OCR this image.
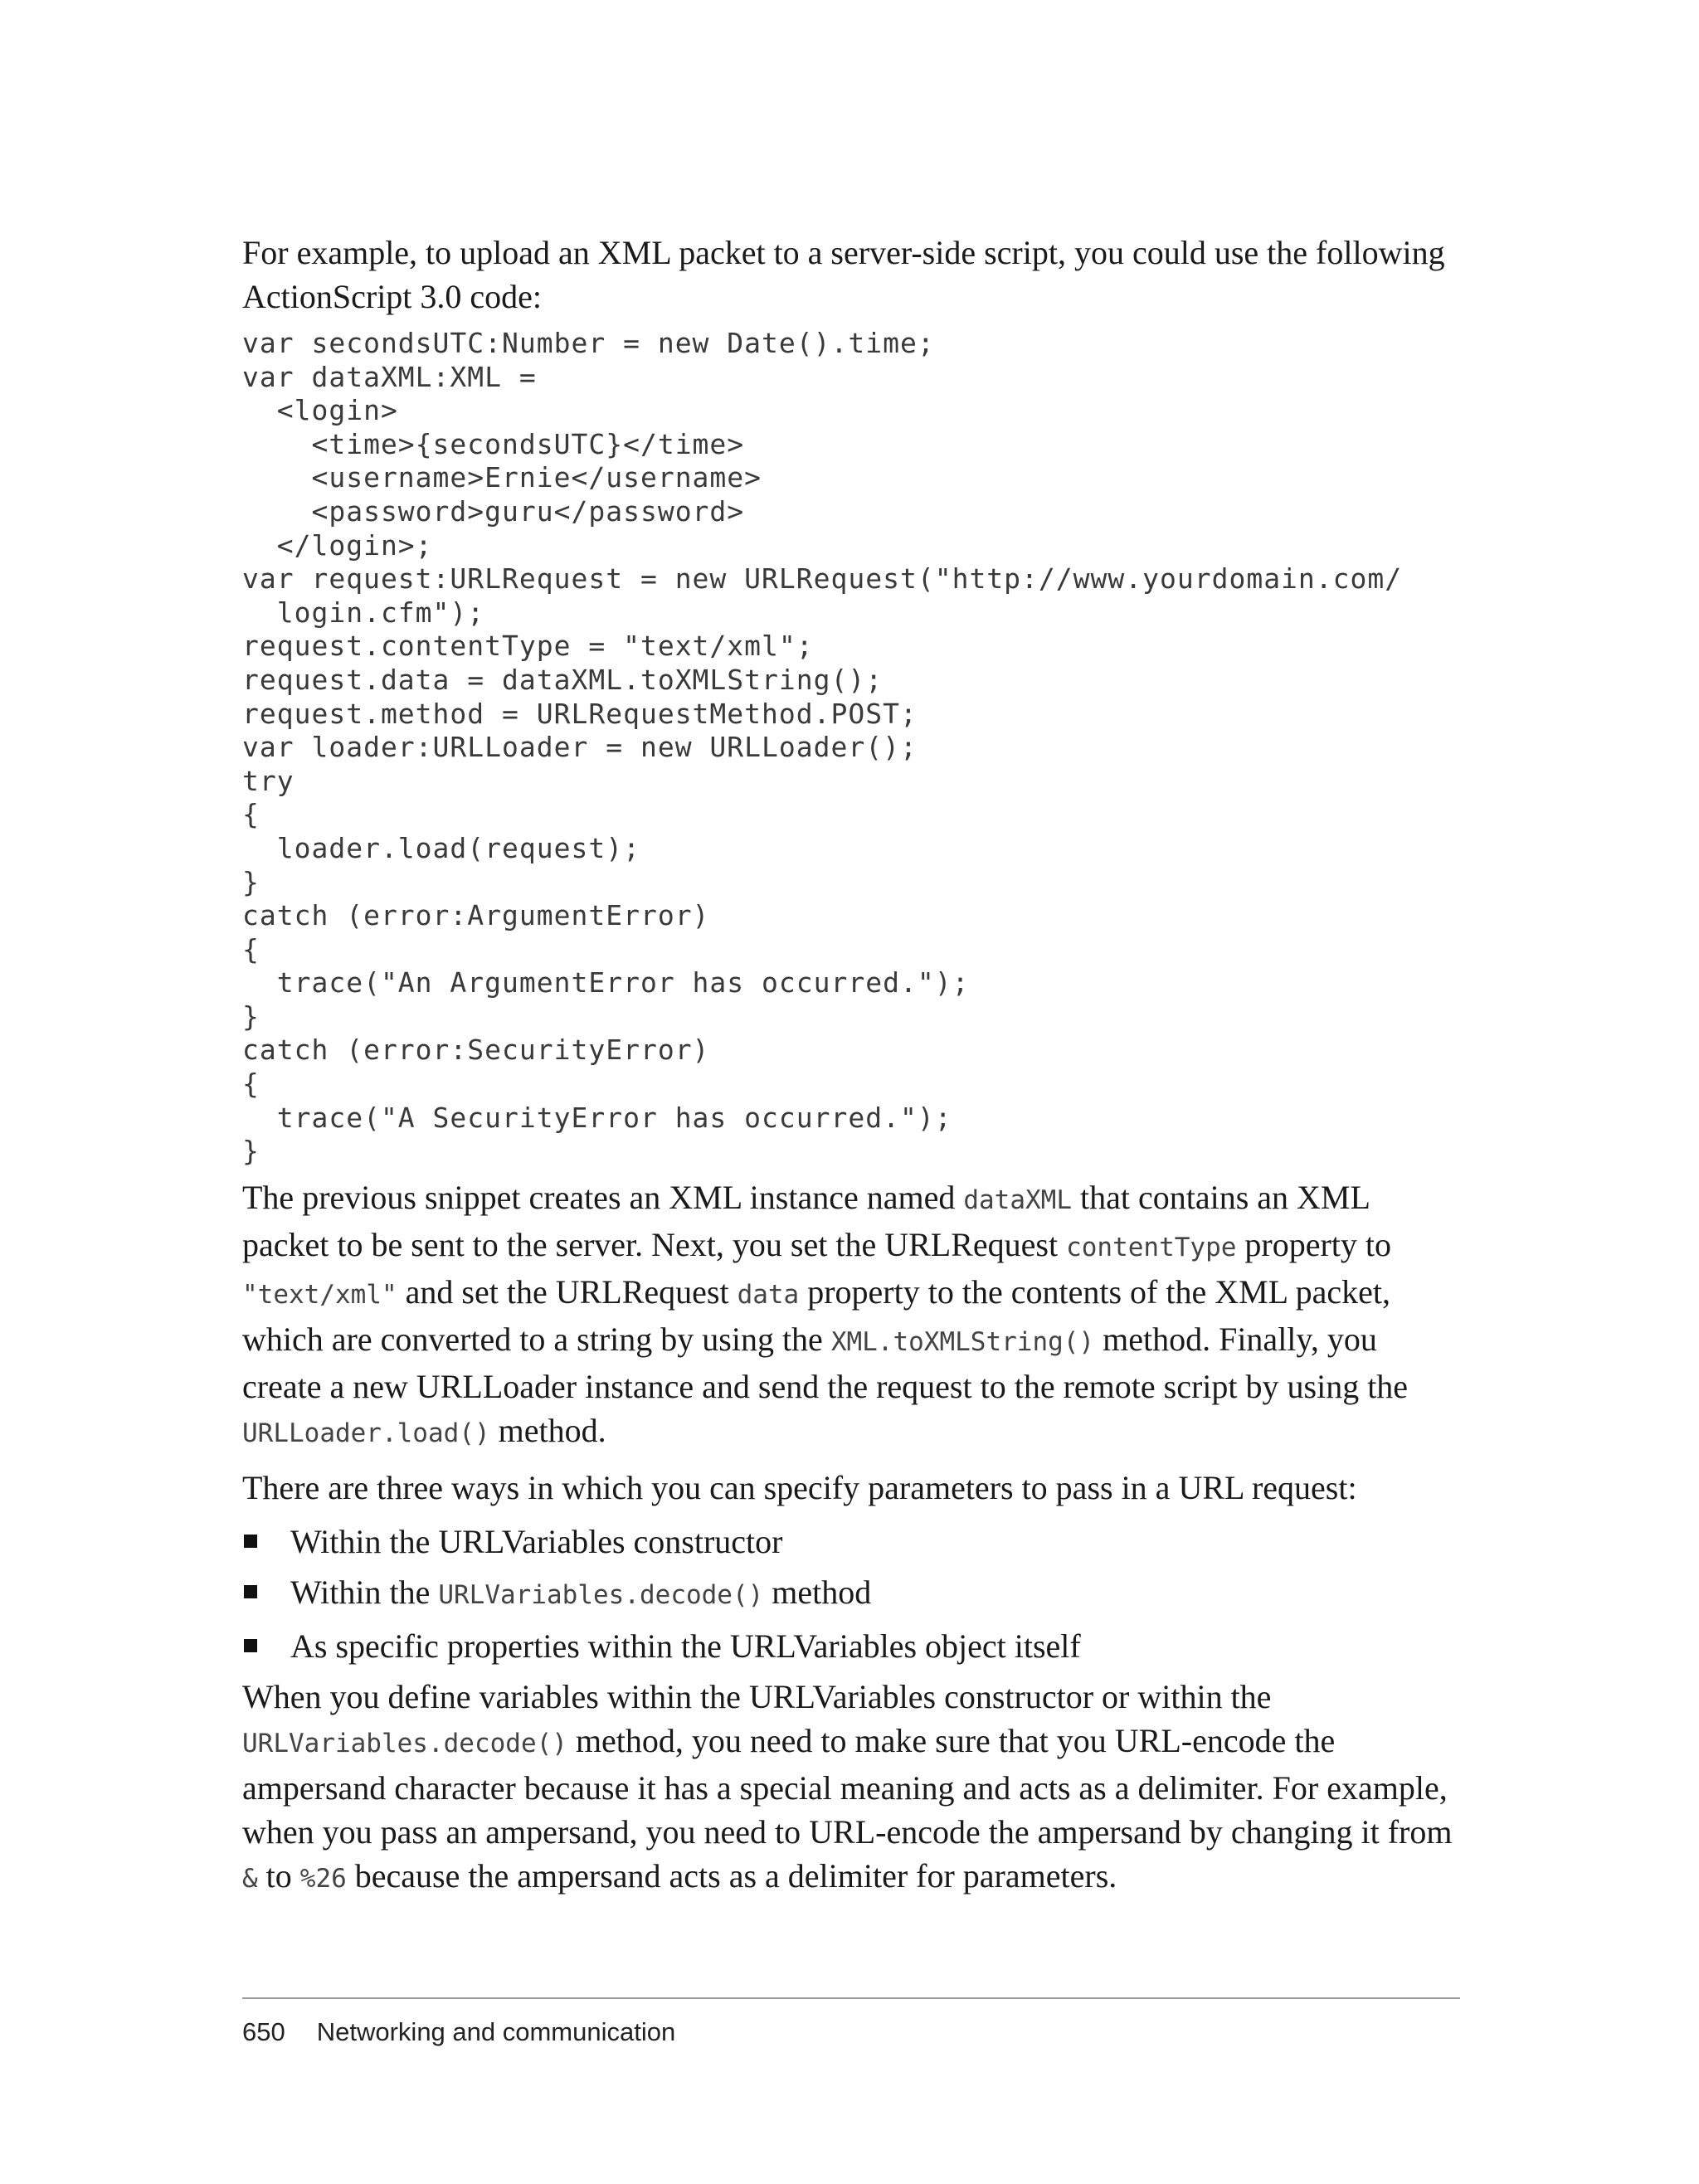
For example, to upload an XML packet to a server-side script, you could use the following ActionScript 3.0 code:

var secondsUTC:Number = new Date().time;
var dataXML:XML =
<login>
<time>{secondsUTC}</time>
<username>Ernie</username>
<password>guru</password>
</login>;
var request:URLRequest = new URLRequest("http://www.yourdomain.com/
login.cfm");
request.contentType = "text/xml";
request.data = dataXML.toXMLString();
request.method = URLRequestMethod.POST;
var loader:URLLoader = new URLLoader();
try
{
loader.load(request);
}
catch (error:ArgumentError)
{
trace("An ArgumentError has occurred.");
}
catch (error:SecurityError)
{
trace("A SecurityError has occurred.");
}

The previous snippet creates an XML instance named dataXML that contains an XML packet to be sent to the server. Next, you set the URLRequest contentType property to "text/xml" and set the URLRequest data property to the contents of the XML packet, which are converted to a string by using the XML.toXMLString() method. Finally, you create a new URLLoader instance and send the request to the remote script by using the URLLoader.load() method.

There are three ways in which you can specify parameters to pass in a URL request:

Within the URLVariables constructor
Within the URLVariables.decode() method
As specific properties within the URLVariables object itself

When you define variables within the URLVariables constructor or within the URLVariables.decode() method, you need to make sure that you URL-encode the ampersand character because it has a special meaning and acts as a delimiter. For example, when you pass an ampersand, you need to URL-encode the ampersand by changing it from & to %26 because the ampersand acts as a delimiter for parameters.

650 Networking and communication
